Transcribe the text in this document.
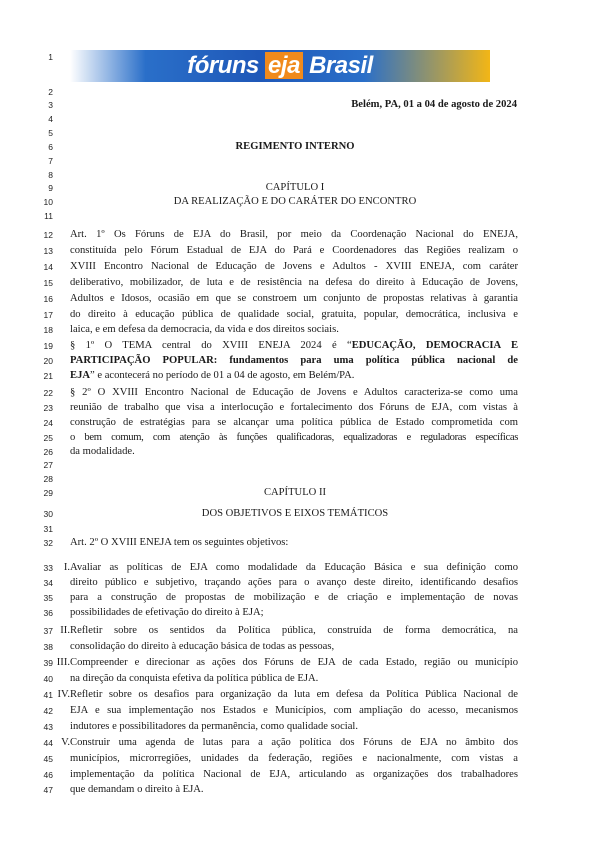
1
2
3
4
5
6
7
8
9
10
11
12
13
14
15
16
17
18
19
20
21
22
23
24
25
26
27
28
29
30
31
32
33
34
35
36
37
38
39
40
41
42
43
44
45
46
47
fóruns eja Brasil
Belém, PA, 01 a 04 de agosto de 2024
REGIMENTO INTERNO
CAPÍTULO I
DA REALIZAÇÃO E DO CARÁTER DO ENCONTRO
Art. 1º Os Fóruns de EJA do Brasil, por meio da Coordenação Nacional do ENEJA,
constituída pelo Fórum Estadual de EJA do Pará e Coordenadores das Regiões realizam o
XVIII Encontro Nacional de Educação de Jovens e Adultos - XVIII ENEJA, com caráter
deliberativo, mobilizador, de luta e de resistência na defesa do direito à Educação de Jovens,
Adultos e Idosos, ocasião em que se constroem um conjunto de propostas relativas à garantia
do direito à educação pública de qualidade social, gratuita, popular, democrática, inclusiva e
laica, e em defesa da democracia, da vida e dos direitos sociais.
§ 1º O TEMA central do XVIII ENEJA 2024 é “EDUCAÇÃO, DEMOCRACIA E
PARTICIPAÇÃO POPULAR: fundamentos para uma política pública nacional de
EJA” e acontecerá no período de 01 a 04 de agosto, em Belém/PA.
§ 2º O XVIII Encontro Nacional de Educação de Jovens e Adultos caracteriza-se como uma
reunião de trabalho que visa a interlocução e fortalecimento dos Fóruns de EJA, com vistas à
construção de estratégias para se alcançar uma política pública de Estado comprometida com
o bem comum, com atenção às funções qualificadoras, equalizadoras e reguladoras específicas
da modalidade.
CAPÍTULO II
DOS OBJETIVOS E EIXOS TEMÁTICOS
Art. 2º O XVIII ENEJA tem os seguintes objetivos:
I. Avaliar as políticas de EJA como modalidade da Educação Básica e sua definição como
direito público e subjetivo, traçando ações para o avanço deste direito, identificando desafios
para a construção de propostas de mobilização e de criação e implementação de novas
possibilidades de efetivação do direito à EJA;
II. Refletir sobre os sentidos da Política pública, construída de forma democrática, na
consolidação do direito à educação básica de todas as pessoas,
III. Compreender e direcionar as ações dos Fóruns de EJA de cada Estado, região ou município
na direção da conquista efetiva da política pública de EJA.
IV. Refletir sobre os desafios para organização da luta em defesa da Política Pública Nacional de
EJA e sua implementação nos Estados e Municípios, com ampliação do acesso, mecanismos
indutores e possibilitadores da permanência, como qualidade social.
V. Construir uma agenda de lutas para a ação política dos Fóruns de EJA no âmbito dos
municípios, microrregiões, unidades da federação, regiões e nacionalmente, com vistas a
implementação da política Nacional de EJA, articulando as organizações dos trabalhadores
que demandam o direito à EJA.
